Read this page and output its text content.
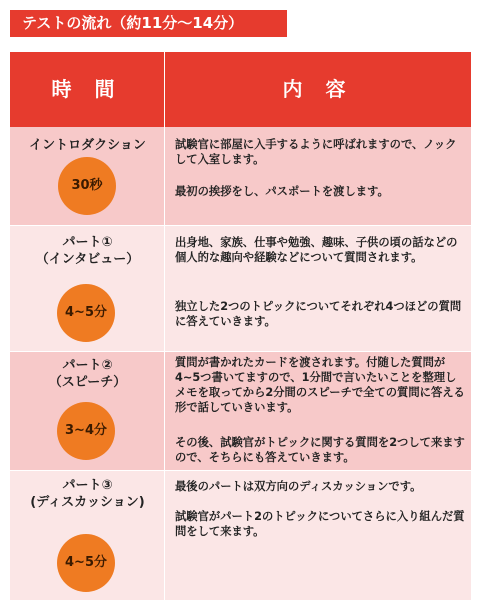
テストの流れ（約11分〜14分）
時 間	内 容
イントロダクション
30秒

試験官に部屋に入手するように呼ばれますので、ノックして入室します。

最初の挨拶をし、パスポートを渡します。

パート①
（インタビュー）
4~5分

出身地、家族、仕事や勉強、趣味、子供の頃の話などの個人的な趣向や経験などについて質問されます。

独立した2つのトピックについてそれぞれ4つほどの質問に答えていきます。

パート②
（スピーチ）
3~4分

質問が書かれたカードを渡されます。付随した質問が4~5つ書いてますので、1分間で言いたいことを整理しメモを取ってから2分間のスピーチで全ての質問に答える形で話していきいます。

その後、試験官がトピックに関する質問を2つして来ますので、そちらにも答えていきます。

パート③
(ディスカッション)
4~5分

最後のパートは双方向のディスカッションです。

試験官がパート2のトピックについてさらに入り組んだ質問をして来ます。
